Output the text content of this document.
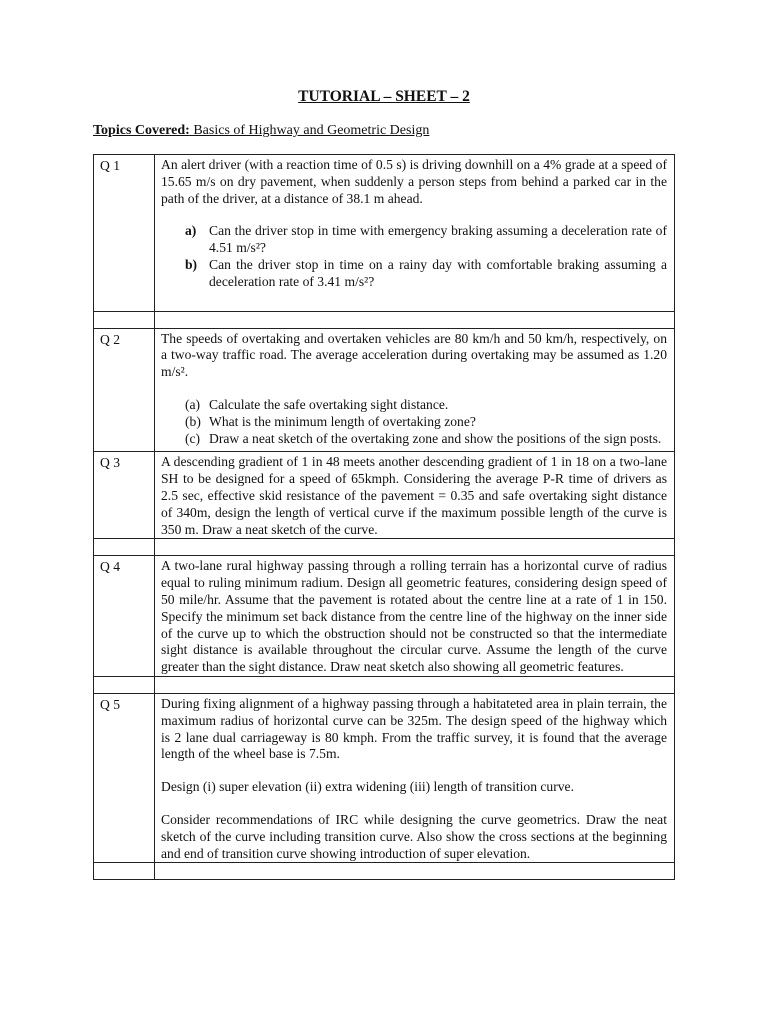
TUTORIAL – SHEET – 2
Topics Covered: Basics of Highway and Geometric Design
Q 1	An alert driver (with a reaction time of 0.5 s) is driving downhill on a 4% grade at a speed of 15.65 m/s on dry pavement, when suddenly a person steps from behind a parked car in the path of the driver, at a distance of 38.1 m ahead.

a) Can the driver stop in time with emergency braking assuming a deceleration rate of 4.51 m/s²?

b) Can the driver stop in time on a rainy day with comfortable braking assuming a deceleration rate of 3.41 m/s²?

Q 2	The speeds of overtaking and overtaken vehicles are 80 km/h and 50 km/h, respectively, on a two-way traffic road. The average acceleration during overtaking may be assumed as 1.20 m/s².

(a) Calculate the safe overtaking sight distance.

(b) What is the minimum length of overtaking zone?

(c) Draw a neat sketch of the overtaking zone and show the positions of the sign posts.

Q 3	A descending gradient of 1 in 48 meets another descending gradient of 1 in 18 on a two-lane SH to be designed for a speed of 65kmph. Considering the average P-R time of drivers as 2.5 sec, effective skid resistance of the pavement = 0.35 and safe overtaking sight distance of 340m, design the length of vertical curve if the maximum possible length of the curve is 350 m. Draw a neat sketch of the curve.

Q 4	A two-lane rural highway passing through a rolling terrain has a horizontal curve of radius equal to ruling minimum radium. Design all geometric features, considering design speed of 50 mile/hr. Assume that the pavement is rotated about the centre line at a rate of 1 in 150. Specify the minimum set back distance from the centre line of the highway on the inner side of the curve up to which the obstruction should not be constructed so that the intermediate sight distance is available throughout the circular curve. Assume the length of the curve greater than the sight distance. Draw neat sketch also showing all geometric features.

Q 5	During fixing alignment of a highway passing through a habitateted area in plain terrain, the maximum radius of horizontal curve can be 325m. The design speed of the highway which is 2 lane dual carriageway is 80 kmph. From the traffic survey, it is found that the average length of the wheel base is 7.5m.

Design (i) super elevation (ii) extra widening (iii) length of transition curve.

Consider recommendations of IRC while designing the curve geometrics. Draw the neat sketch of the curve including transition curve. Also show the cross sections at the beginning and end of transition curve showing introduction of super elevation.
